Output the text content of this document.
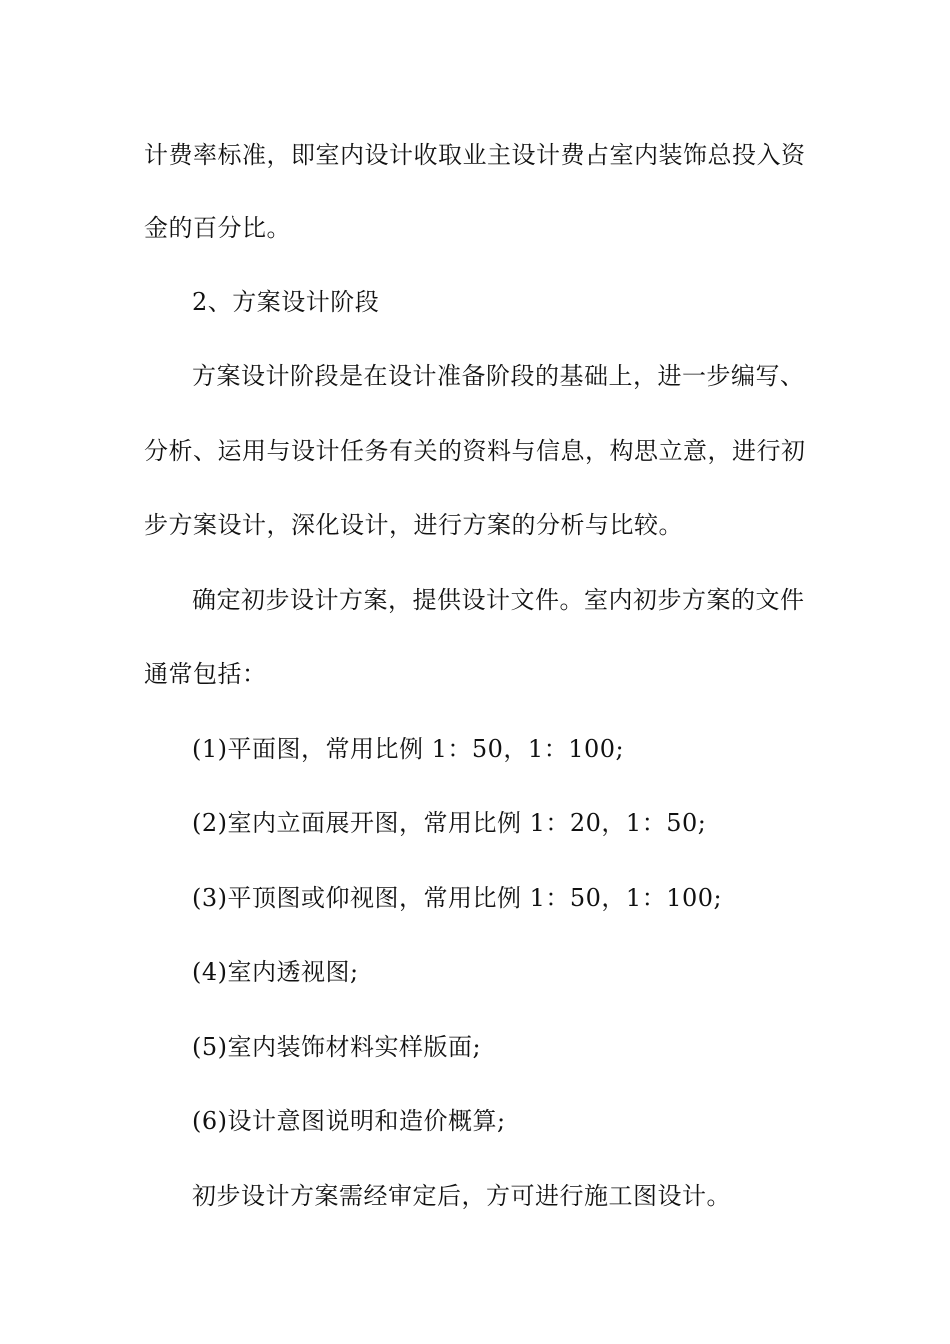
计费率标准，即室内设计收取业主设计费占室内装饰总投入资
金的百分比。
2、方案设计阶段
方案设计阶段是在设计准备阶段的基础上，进一步编写、
分析、运用与设计任务有关的资料与信息，构思立意，进行初
步方案设计，深化设计，进行方案的分析与比较。
确定初步设计方案，提供设计文件。室内初步方案的文件
通常包括：
(1)平面图，常用比例 1：50，1：100;
(2)室内立面展开图，常用比例 1：20，1：50;
(3)平顶图或仰视图，常用比例 1：50，1：100;
(4)室内透视图;
(5)室内装饰材料实样版面;
(6)设计意图说明和造价概算;
初步设计方案需经审定后，方可进行施工图设计。
